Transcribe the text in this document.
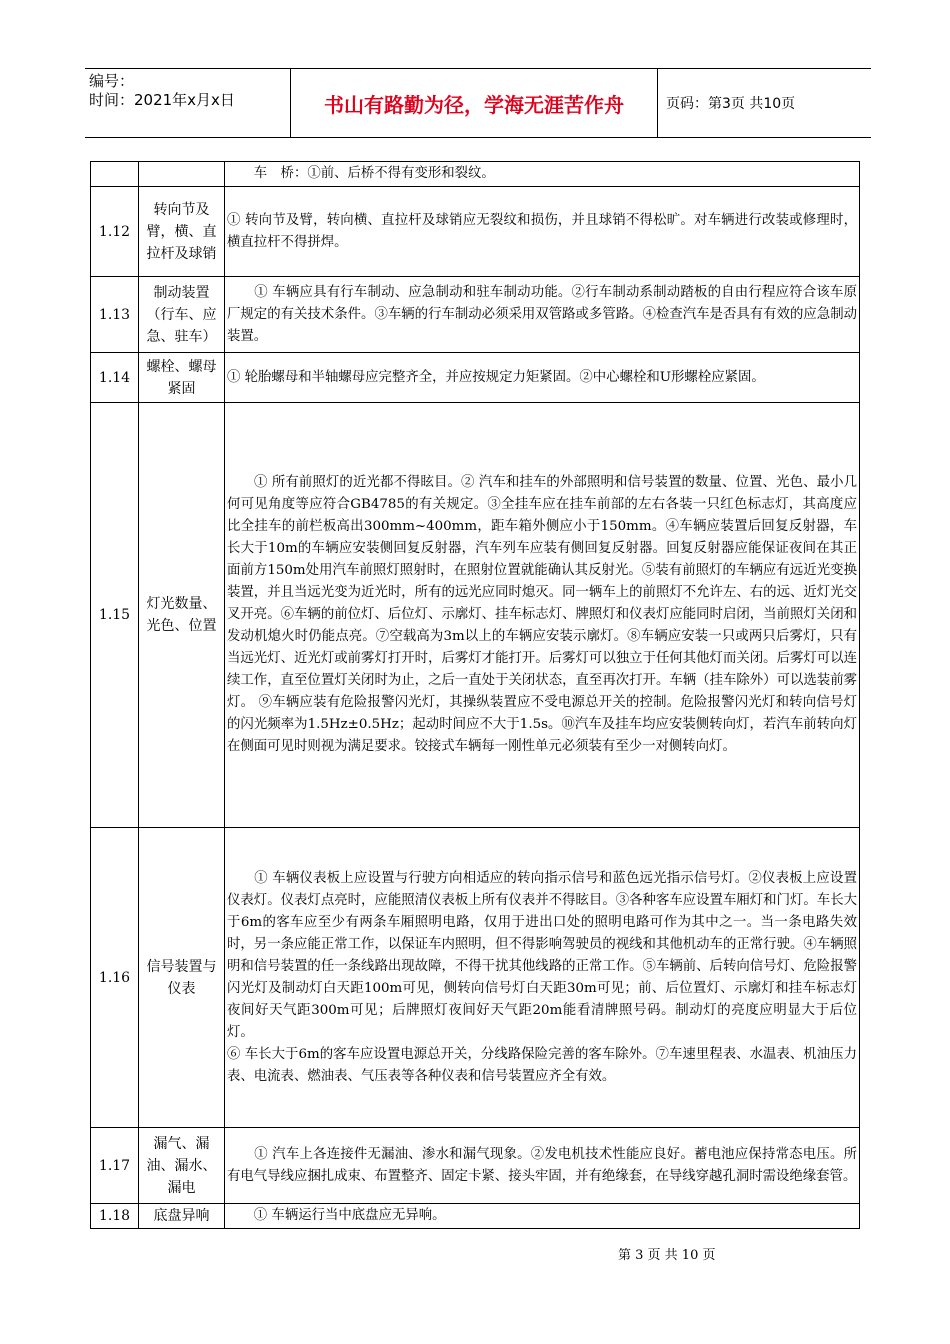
编号：
时间：2021年x月x日	书山有路勤为径，学海无涯苦作舟	页码：第3页 共10页
		　　车　桥：①前、后桥不得有变形和裂纹。
1.12	转向节及臂，横、直拉杆及球销	① 转向节及臂，转向横、直拉杆及球销应无裂纹和损伤，并且球销不得松旷。对车辆进行改装或修理时，横直拉杆不得拼焊。
1.13	制动装置（行车、应急、驻车）	　　① 车辆应具有行车制动、应急制动和驻车制动功能。②行车制动系制动踏板的自由行程应符合该车原厂规定的有关技术条件。③车辆的行车制动必须采用双管路或多管路。④检查汽车是否具有有效的应急制动装置。
1.14	螺栓、螺母紧固	① 轮胎螺母和半轴螺母应完整齐全，并应按规定力矩紧固。②中心螺栓和U形螺栓应紧固。
1.15	灯光数量、光色、位置	　　① 所有前照灯的近光都不得眩目。② 汽车和挂车的外部照明和信号装置的数量、位置、光色、最小几何可见角度等应符合GB4785的有关规定。③全挂车应在挂车前部的左右各装一只红色标志灯，其高度应比全挂车的前栏板高出300mm~400mm，距车箱外侧应小于150mm。④车辆应装置后回复反射器，车长大于10m的车辆应安装侧回复反射器，汽车列车应装有侧回复反射器。回复反射器应能保证夜间在其正面前方150m处用汽车前照灯照射时，在照射位置就能确认其反射光。⑤装有前照灯的车辆应有远近光变换装置，并且当远光变为近光时，所有的远光应同时熄灭。同一辆车上的前照灯不允许左、右的远、近灯光交叉开亮。⑥车辆的前位灯、后位灯、示廓灯、挂车标志灯、牌照灯和仪表灯应能同时启闭，当前照灯关闭和发动机熄火时仍能点亮。⑦空载高为3m以上的车辆应安装示廓灯。⑧车辆应安装一只或两只后雾灯，只有当远光灯、近光灯或前雾灯打开时，后雾灯才能打开。后雾灯可以独立于任何其他灯而关闭。后雾灯可以连续工作，直至位置灯关闭时为止，之后一直处于关闭状态，直至再次打开。车辆（挂车除外）可以选装前雾灯。 ⑨车辆应装有危险报警闪光灯，其操纵装置应不受电源总开关的控制。危险报警闪光灯和转向信号灯的闪光频率为1.5Hz±0.5Hz；起动时间应不大于1.5s。⑩汽车及挂车均应安装侧转向灯，若汽车前转向灯在侧面可见时则视为满足要求。铰接式车辆每一刚性单元必须装有至少一对侧转向灯。
1.16	信号装置与仪表	　　① 车辆仪表板上应设置与行驶方向相适应的转向指示信号和蓝色远光指示信号灯。②仪表板上应设置仪表灯。仪表灯点亮时，应能照清仪表板上所有仪表并不得眩目。③各种客车应设置车厢灯和门灯。车长大于6m的客车应至少有两条车厢照明电路，仅用于进出口处的照明电路可作为其中之一。当一条电路失效时，另一条应能正常工作，以保证车内照明，但不得影响驾驶员的视线和其他机动车的正常行驶。④车辆照明和信号装置的任一条线路出现故障，不得干扰其他线路的正常工作。⑤车辆前、后转向信号灯、危险报警闪光灯及制动灯白天距100m可见，侧转向信号灯白天距30m可见；前、后位置灯、示廓灯和挂车标志灯夜间好天气距300m可见；后牌照灯夜间好天气距20m能看清牌照号码。制动灯的亮度应明显大于后位灯。
⑥ 车长大于6m的客车应设置电源总开关，分线路保险完善的客车除外。⑦车速里程表、水温表、机油压力表、电流表、燃油表、气压表等各种仪表和信号装置应齐全有效。

1.17	漏气、漏油、漏水、漏电	　　① 汽车上各连接件无漏油、渗水和漏气现象。②发电机技术性能应良好。蓄电池应保持常态电压。所有电气导线应捆扎成束、布置整齐、固定卡紧、接头牢固，并有绝缘套，在导线穿越孔洞时需设绝缘套管。
1.18	底盘异响	　　① 车辆运行当中底盘应无异响。
第 3 页 共 10 页
